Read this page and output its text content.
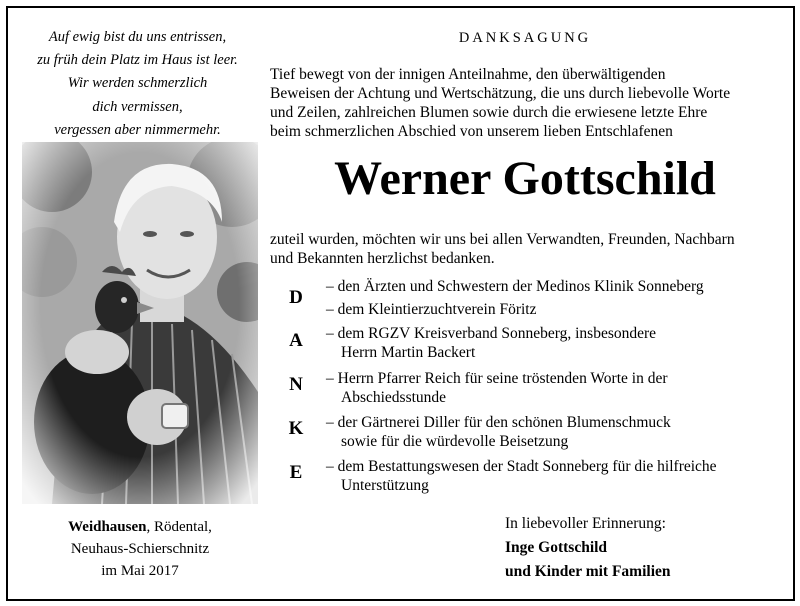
Auf ewig bist du uns entrissen,
zu früh dein Platz im Haus ist leer.
Wir werden schmerzlich
dich vermissen,
vergessen aber nimmermehr.
Weidhausen, Rödental,
Neuhaus-Schierschnitz
im Mai 2017
DANKSAGUNG
Tief bewegt von der innigen Anteilnahme, den überwältigenden
Beweisen der Achtung und Wertschätzung, die uns durch liebevolle Worte
und Zeilen, zahlreichen Blumen sowie durch die erwiesene letzte Ehre
beim schmerzlichen Abschied von unserem lieben Entschlafenen
Werner Gottschild
zuteil wurden, möchten wir uns bei allen Verwandten, Freunden, Nachbarn
und Bekannten herzlichst bedanken.
D
A
N
K
E
– den Ärzten und Schwestern der Medinos Klinik Sonneberg
– dem Kleintierzuchtverein Föritz
– dem RGZV Kreisverband Sonneberg, insbesondere
Herrn Martin Backert
– Herrn Pfarrer Reich für seine tröstenden Worte in der
Abschiedsstunde
– der Gärtnerei Diller für den schönen Blumenschmuck
sowie für die würdevolle Beisetzung
– dem Bestattungswesen der Stadt Sonneberg für die hilfreiche
Unterstützung
In liebevoller Erinnerung:
Inge Gottschild
und Kinder mit Familien
